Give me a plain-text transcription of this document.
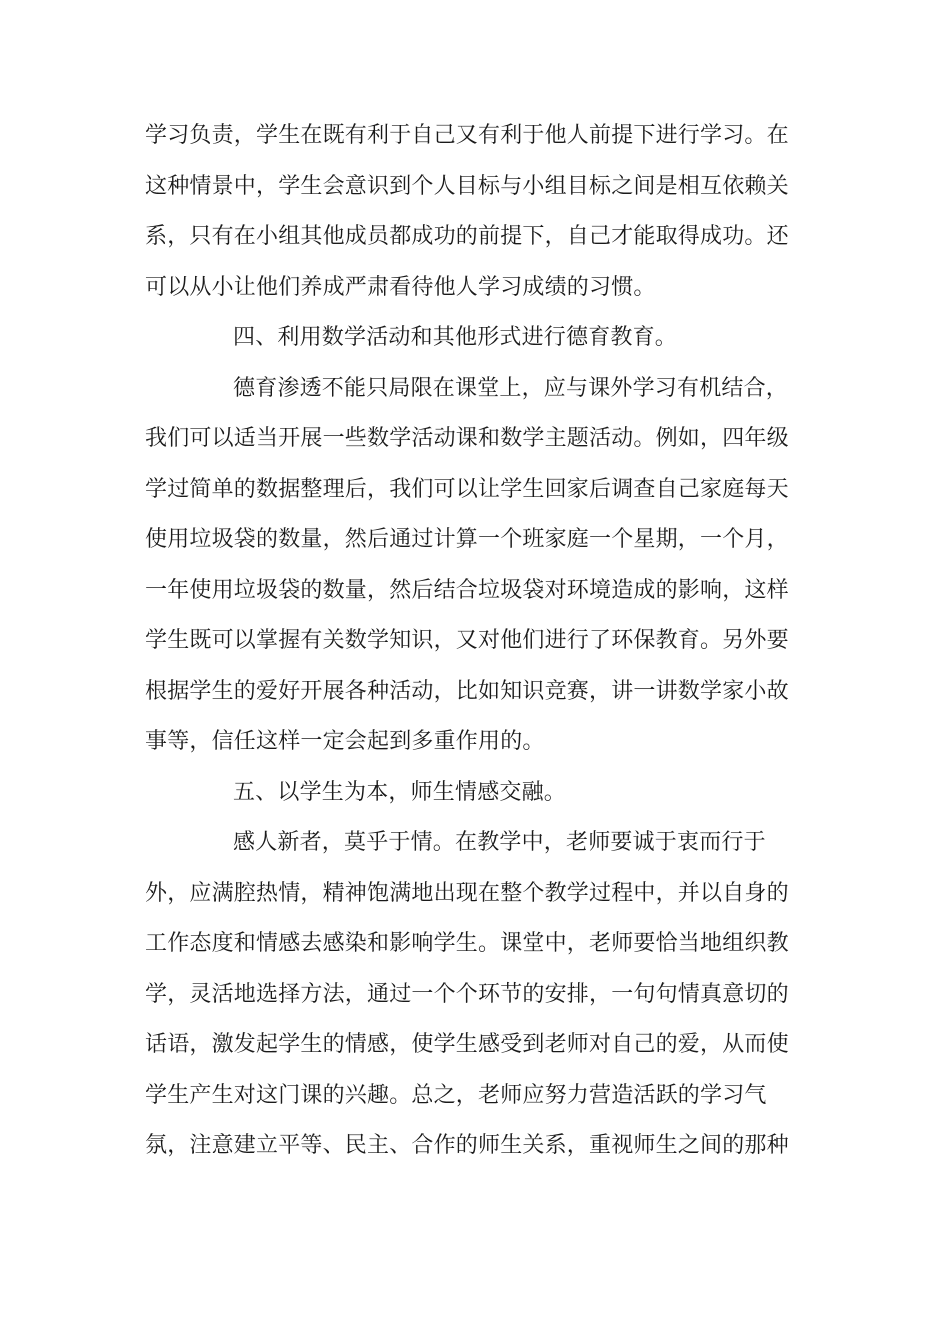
学习负责，学生在既有利于自己又有利于他人前提下进行学习。在
这种情景中，学生会意识到个人目标与小组目标之间是相互依赖关
系，只有在小组其他成员都成功的前提下，自己才能取得成功。还
可以从小让他们养成严肃看待他人学习成绩的习惯。
四、利用数学活动和其他形式进行德育教育。
德育渗透不能只局限在课堂上，应与课外学习有机结合，
我们可以适当开展一些数学活动课和数学主题活动。例如，四年级
学过简单的数据整理后，我们可以让学生回家后调查自己家庭每天
使用垃圾袋的数量，然后通过计算一个班家庭一个星期，一个月，
一年使用垃圾袋的数量，然后结合垃圾袋对环境造成的影响，这样
学生既可以掌握有关数学知识，又对他们进行了环保教育。另外要
根据学生的爱好开展各种活动，比如知识竞赛，讲一讲数学家小故
事等，信任这样一定会起到多重作用的。
五、以学生为本，师生情感交融。
感人新者，莫乎于情。在教学中，老师要诚于衷而行于
外，应满腔热情，精神饱满地出现在整个教学过程中，并以自身的
工作态度和情感去感染和影响学生。课堂中，老师要恰当地组织教
学，灵活地选择方法，通过一个个环节的安排，一句句情真意切的
话语，激发起学生的情感，使学生感受到老师对自己的爱，从而使
学生产生对这门课的兴趣。总之，老师应努力营造活跃的学习气
氛，注意建立平等、民主、合作的师生关系，重视师生之间的那种
